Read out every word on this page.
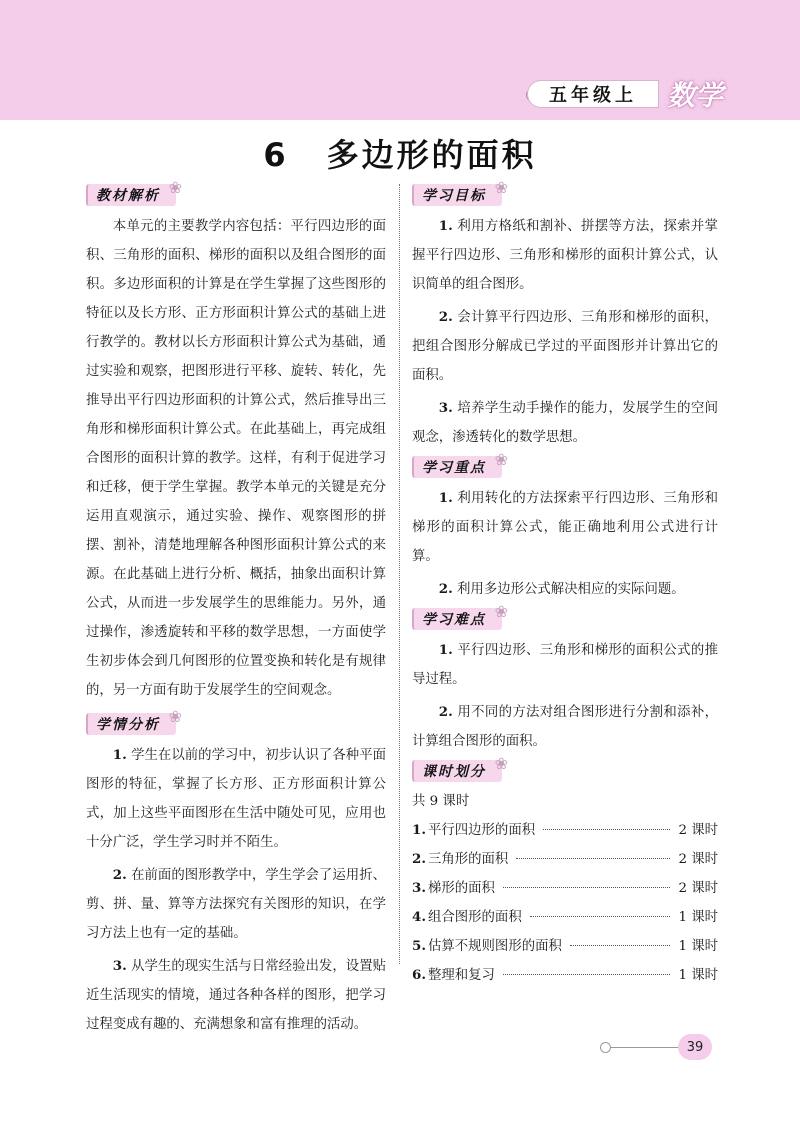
五年级上	数学
6 多边形的面积
教材解析 ❀

本单元的主要教学内容包括：平行四边形的面积、三角形的面积、梯形的面积以及组合图形的面积。多边形面积的计算是在学生掌握了这些图形的特征以及长方形、正方形面积计算公式的基础上进行教学的。教材以长方形面积计算公式为基础，通过实验和观察，把图形进行平移、旋转、转化，先推导出平行四边形面积的计算公式，然后推导出三角形和梯形面积计算公式。在此基础上，再完成组合图形的面积计算的教学。这样，有利于促进学习和迁移，便于学生掌握。教学本单元的关键是充分运用直观演示，通过实验、操作、观察图形的拼摆、割补，清楚地理解各种图形面积计算公式的来源。在此基础上进行分析、概括，抽象出面积计算公式，从而进一步发展学生的思维能力。另外，通过操作，渗透旋转和平移的数学思想，一方面使学生初步体会到几何图形的位置变换和转化是有规律的，另一方面有助于发展学生的空间观念。

学情分析 ❀

1. 学生在以前的学习中，初步认识了各种平面图形的特征，掌握了长方形、正方形面积计算公式，加上这些平面图形在生活中随处可见，应用也十分广泛，学生学习时并不陌生。

2. 在前面的图形教学中，学生学会了运用折、剪、拼、量、算等方法探究有关图形的知识，在学习方法上也有一定的基础。

3. 从学生的现实生活与日常经验出发，设置贴近生活现实的情境，通过各种各样的图形，把学习过程变成有趣的、充满想象和富有推理的活动。

学习目标 ❀

1. 利用方格纸和割补、拼摆等方法，探索并掌握平行四边形、三角形和梯形的面积计算公式，认识简单的组合图形。

2. 会计算平行四边形、三角形和梯形的面积，把组合图形分解成已学过的平面图形并计算出它的面积。

3. 培养学生动手操作的能力，发展学生的空间观念，渗透转化的数学思想。

学习重点 ❀

1. 利用转化的方法探索平行四边形、三角形和梯形的面积计算公式，能正确地利用公式进行计算。

2. 利用多边形公式解决相应的实际问题。

学习难点 ❀

1. 平行四边形、三角形和梯形的面积公式的推导过程。

2. 用不同的方法对组合图形进行分割和添补，计算组合图形的面积。

课时划分 ❀

共 9 课时

1. 平行四边形的面积	2 课时
2. 三角形的面积	2 课时
3. 梯形的面积	2 课时
4. 组合图形的面积	1 课时
5. 估算不规则图形的面积	1 课时
6. 整理和复习	1 课时
39
